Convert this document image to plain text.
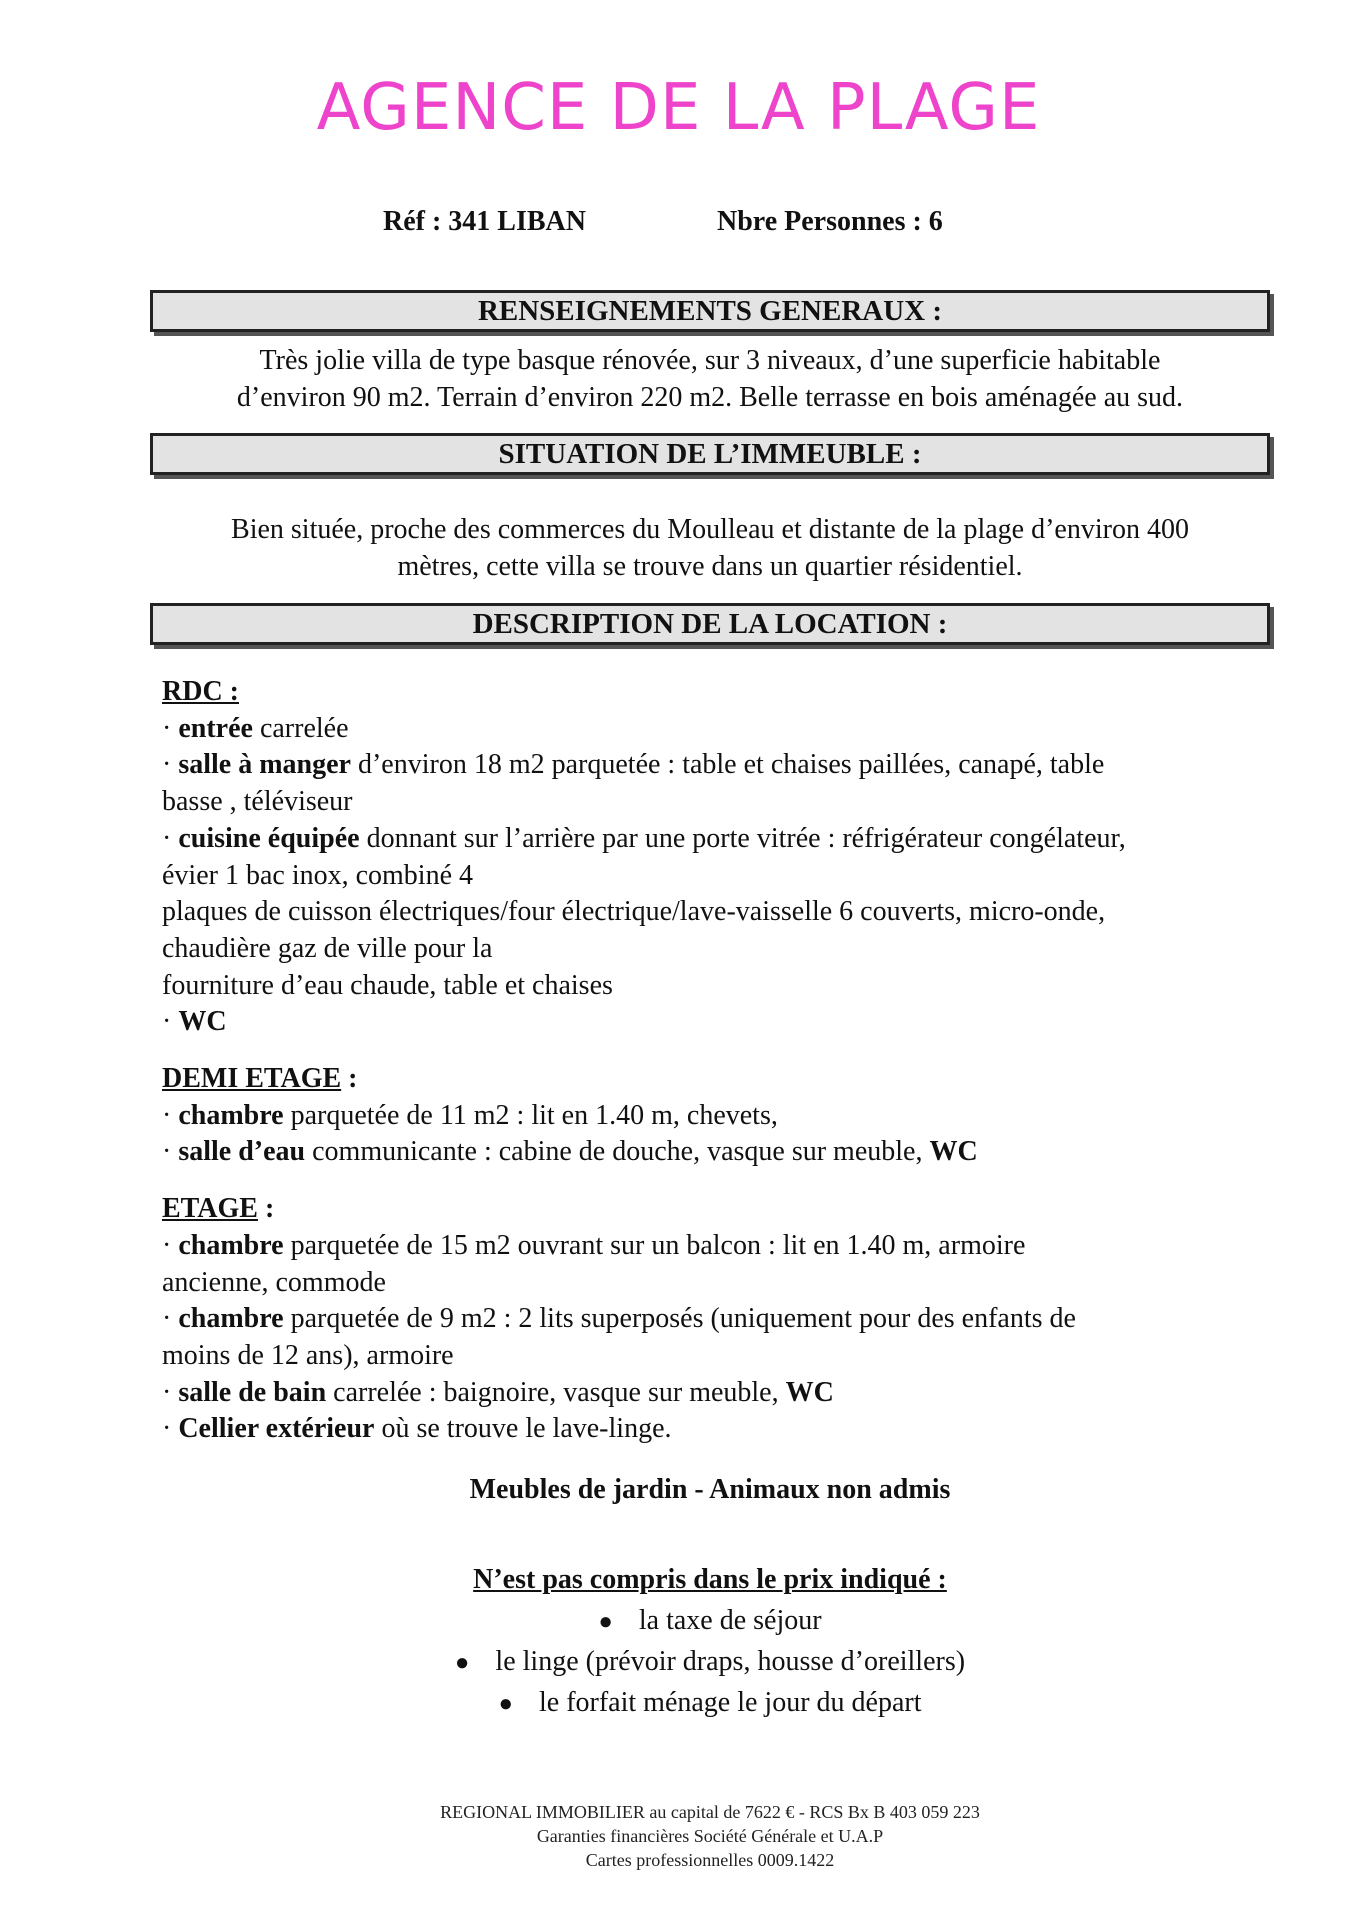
AGENCE DE LA PLAGE
Réf : 341 LIBAN	Nbre Personnes : 6
RENSEIGNEMENTS GENERAUX :
Très jolie villa de type basque rénovée, sur 3 niveaux, d’une superficie habitable
d’environ 90 m2. Terrain d’environ 220 m2. Belle terrasse en bois aménagée au sud.
SITUATION DE L’IMMEUBLE :
Bien située, proche des commerces du Moulleau et distante de la plage d’environ 400
mètres, cette villa se trouve dans un quartier résidentiel.
DESCRIPTION DE LA LOCATION :
RDC :
· entrée carrelée
· salle à manger d’environ 18 m2 parquetée : table et chaises paillées, canapé, table
basse , téléviseur
· cuisine équipée donnant sur l’arrière par une porte vitrée : réfrigérateur congélateur,
évier 1 bac inox, combiné 4
plaques de cuisson électriques/four électrique/lave-vaisselle 6 couverts, micro-onde,
chaudière gaz de ville pour la
fourniture d’eau chaude, table et chaises
· WC
DEMI ETAGE :
· chambre parquetée de 11 m2 : lit en 1.40 m, chevets,
· salle d’eau communicante : cabine de douche, vasque sur meuble, WC
ETAGE :
· chambre parquetée de 15 m2 ouvrant sur un balcon : lit en 1.40 m, armoire
ancienne, commode
· chambre parquetée de 9 m2 : 2 lits superposés (uniquement pour des enfants de
moins de 12 ans), armoire
· salle de bain carrelée : baignoire, vasque sur meuble, WC
· Cellier extérieur où se trouve le lave-linge.
Meubles de jardin - Animaux non admis
N’est pas compris dans le prix indiqué :
● la taxe de séjour
● le linge (prévoir draps, housse d’oreillers)
● le forfait ménage le jour du départ
REGIONAL IMMOBILIER au capital de 7622 € - RCS Bx B 403 059 223
Garanties financières Société Générale et U.A.P
Cartes professionnelles 0009.1422
